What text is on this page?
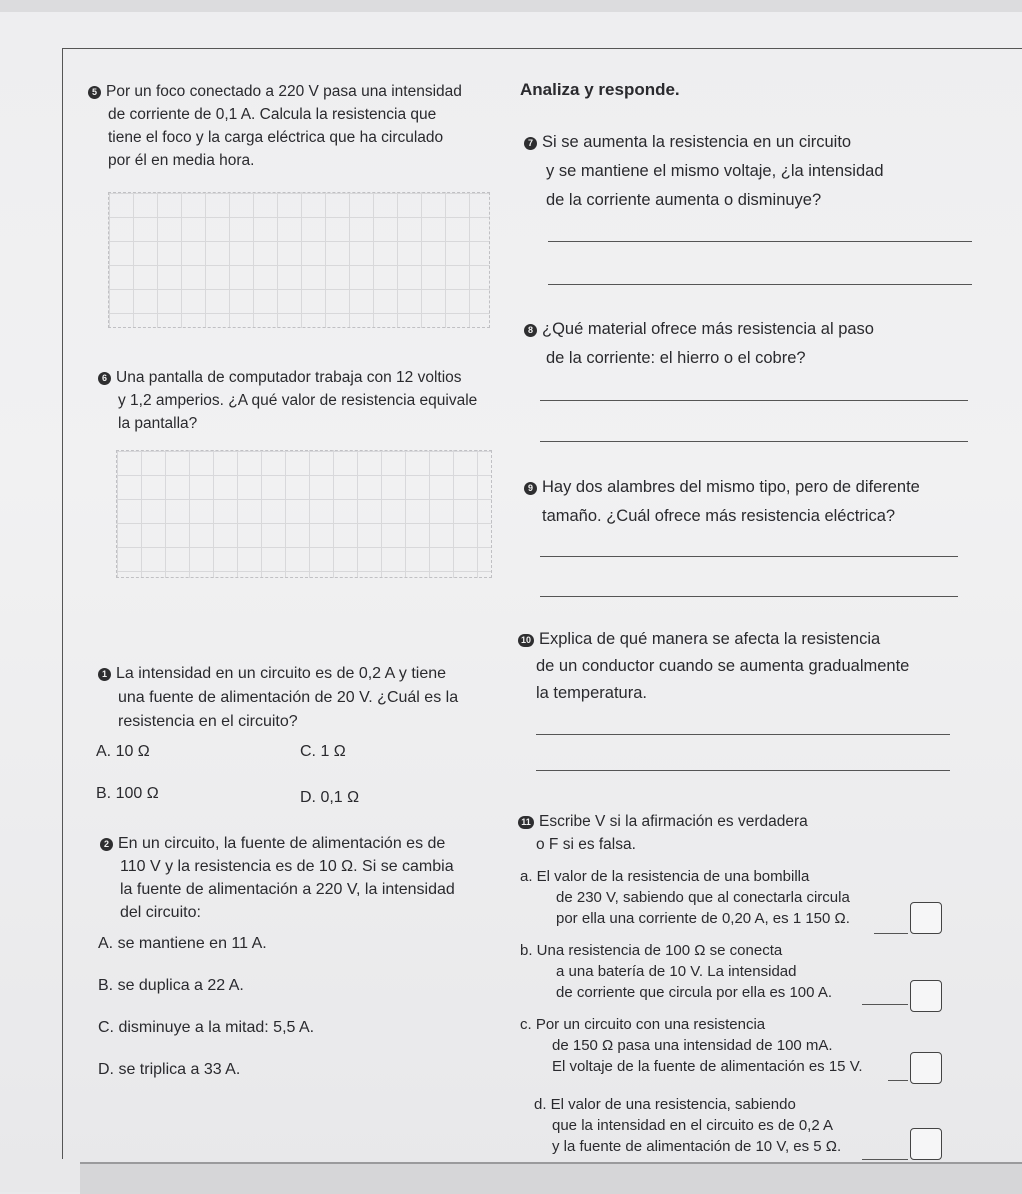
5 Por un foco conectado a 220 V pasa una intensidad
de corriente de 0,1 A. Calcula la resistencia que
tiene el foco y la carga eléctrica que ha circulado
por él en media hora.
6 Una pantalla de computador trabaja con 12 voltios
y 1,2 amperios. ¿A qué valor de resistencia equivale
la pantalla?
1 La intensidad en un circuito es de 0,2 A y tiene
una fuente de alimentación de 20 V. ¿Cuál es la
resistencia en el circuito?
A. 10 Ω	C. 1 Ω
B. 100 Ω	D. 0,1 Ω
2 En un circuito, la fuente de alimentación es de
110 V y la resistencia es de 10 Ω. Si se cambia
la fuente de alimentación a 220 V, la intensidad
del circuito:
A. se mantiene en 11 A.
B. se duplica a 22 A.
C. disminuye a la mitad: 5,5 A.
D. se triplica a 33 A.
Analiza y responde.
7 Si se aumenta la resistencia en un circuito
y se mantiene el mismo voltaje, ¿la intensidad
de la corriente aumenta o disminuye?
8 ¿Qué material ofrece más resistencia al paso
de la corriente: el hierro o el cobre?
9 Hay dos alambres del mismo tipo, pero de diferente
tamaño. ¿Cuál ofrece más resistencia eléctrica?
10 Explica de qué manera se afecta la resistencia
de un conductor cuando se aumenta gradualmente
la temperatura.
11 Escribe V si la afirmación es verdadera
o F si es falsa.
a. El valor de la resistencia de una bombilla
de 230 V, sabiendo que al conectarla circula
por ella una corriente de 0,20 A, es 1 150 Ω.
b. Una resistencia de 100 Ω se conecta
a una batería de 10 V. La intensidad
de corriente que circula por ella es 100 A.
c. Por un circuito con una resistencia
de 150 Ω pasa una intensidad de 100 mA.
El voltaje de la fuente de alimentación es 15 V.
d. El valor de una resistencia, sabiendo
que la intensidad en el circuito es de 0,2 A
y la fuente de alimentación de 10 V, es 5 Ω.
